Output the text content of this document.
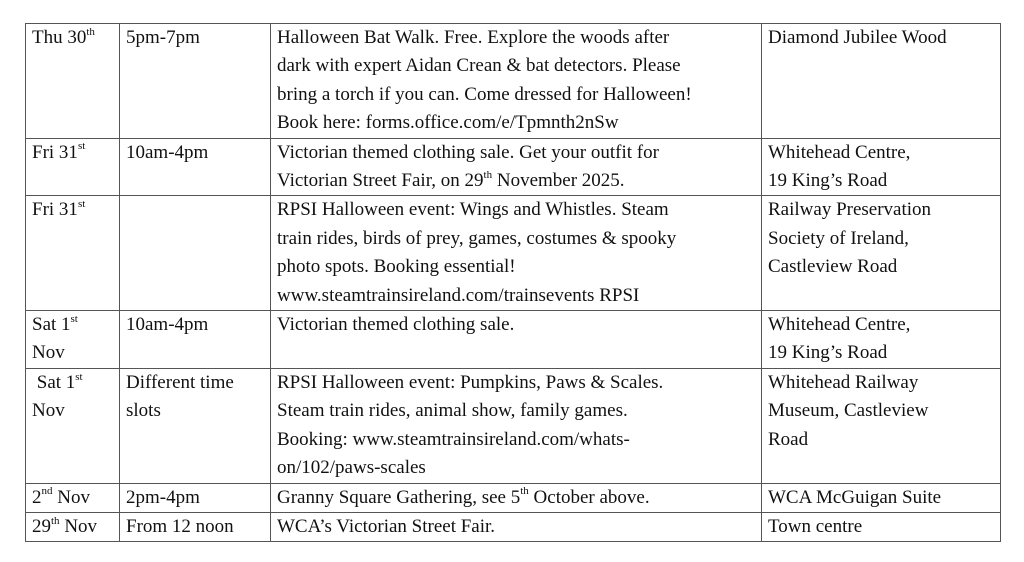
Thu 30th	5pm-7pm	Halloween Bat Walk. Free. Explore the woods after
dark with expert Aidan Crean & bat detectors. Please
bring a torch if you can. Come dressed for Halloween!
Book here: forms.office.com/e/Tpmnth2nSw	Diamond Jubilee Wood

Fri 31st	10am-4pm	Victorian themed clothing sale. Get your outfit for
Victorian Street Fair, on 29th November 2025.	Whitehead Centre,
19 King’s Road

Fri 31st		RPSI Halloween event: Wings and Whistles. Steam
train rides, birds of prey, games, costumes & spooky
photo spots. Booking essential!
www.steamtrainsireland.com/trainsevents RPSI	Railway Preservation
Society of Ireland,
Castleview Road

Sat 1st
Nov	10am-4pm	Victorian themed clothing sale.	Whitehead Centre,
19 King’s Road

Sat 1st
Nov	Different time
slots	RPSI Halloween event: Pumpkins, Paws & Scales.
Steam train rides, animal show, family games.
Booking: www.steamtrainsireland.com/whats-
on/102/paws-scales	Whitehead Railway
Museum, Castleview
Road

2nd Nov	2pm-4pm	Granny Square Gathering, see 5th October above.	WCA McGuigan Suite

29th Nov	From 12 noon	WCA’s Victorian Street Fair.	Town centre
